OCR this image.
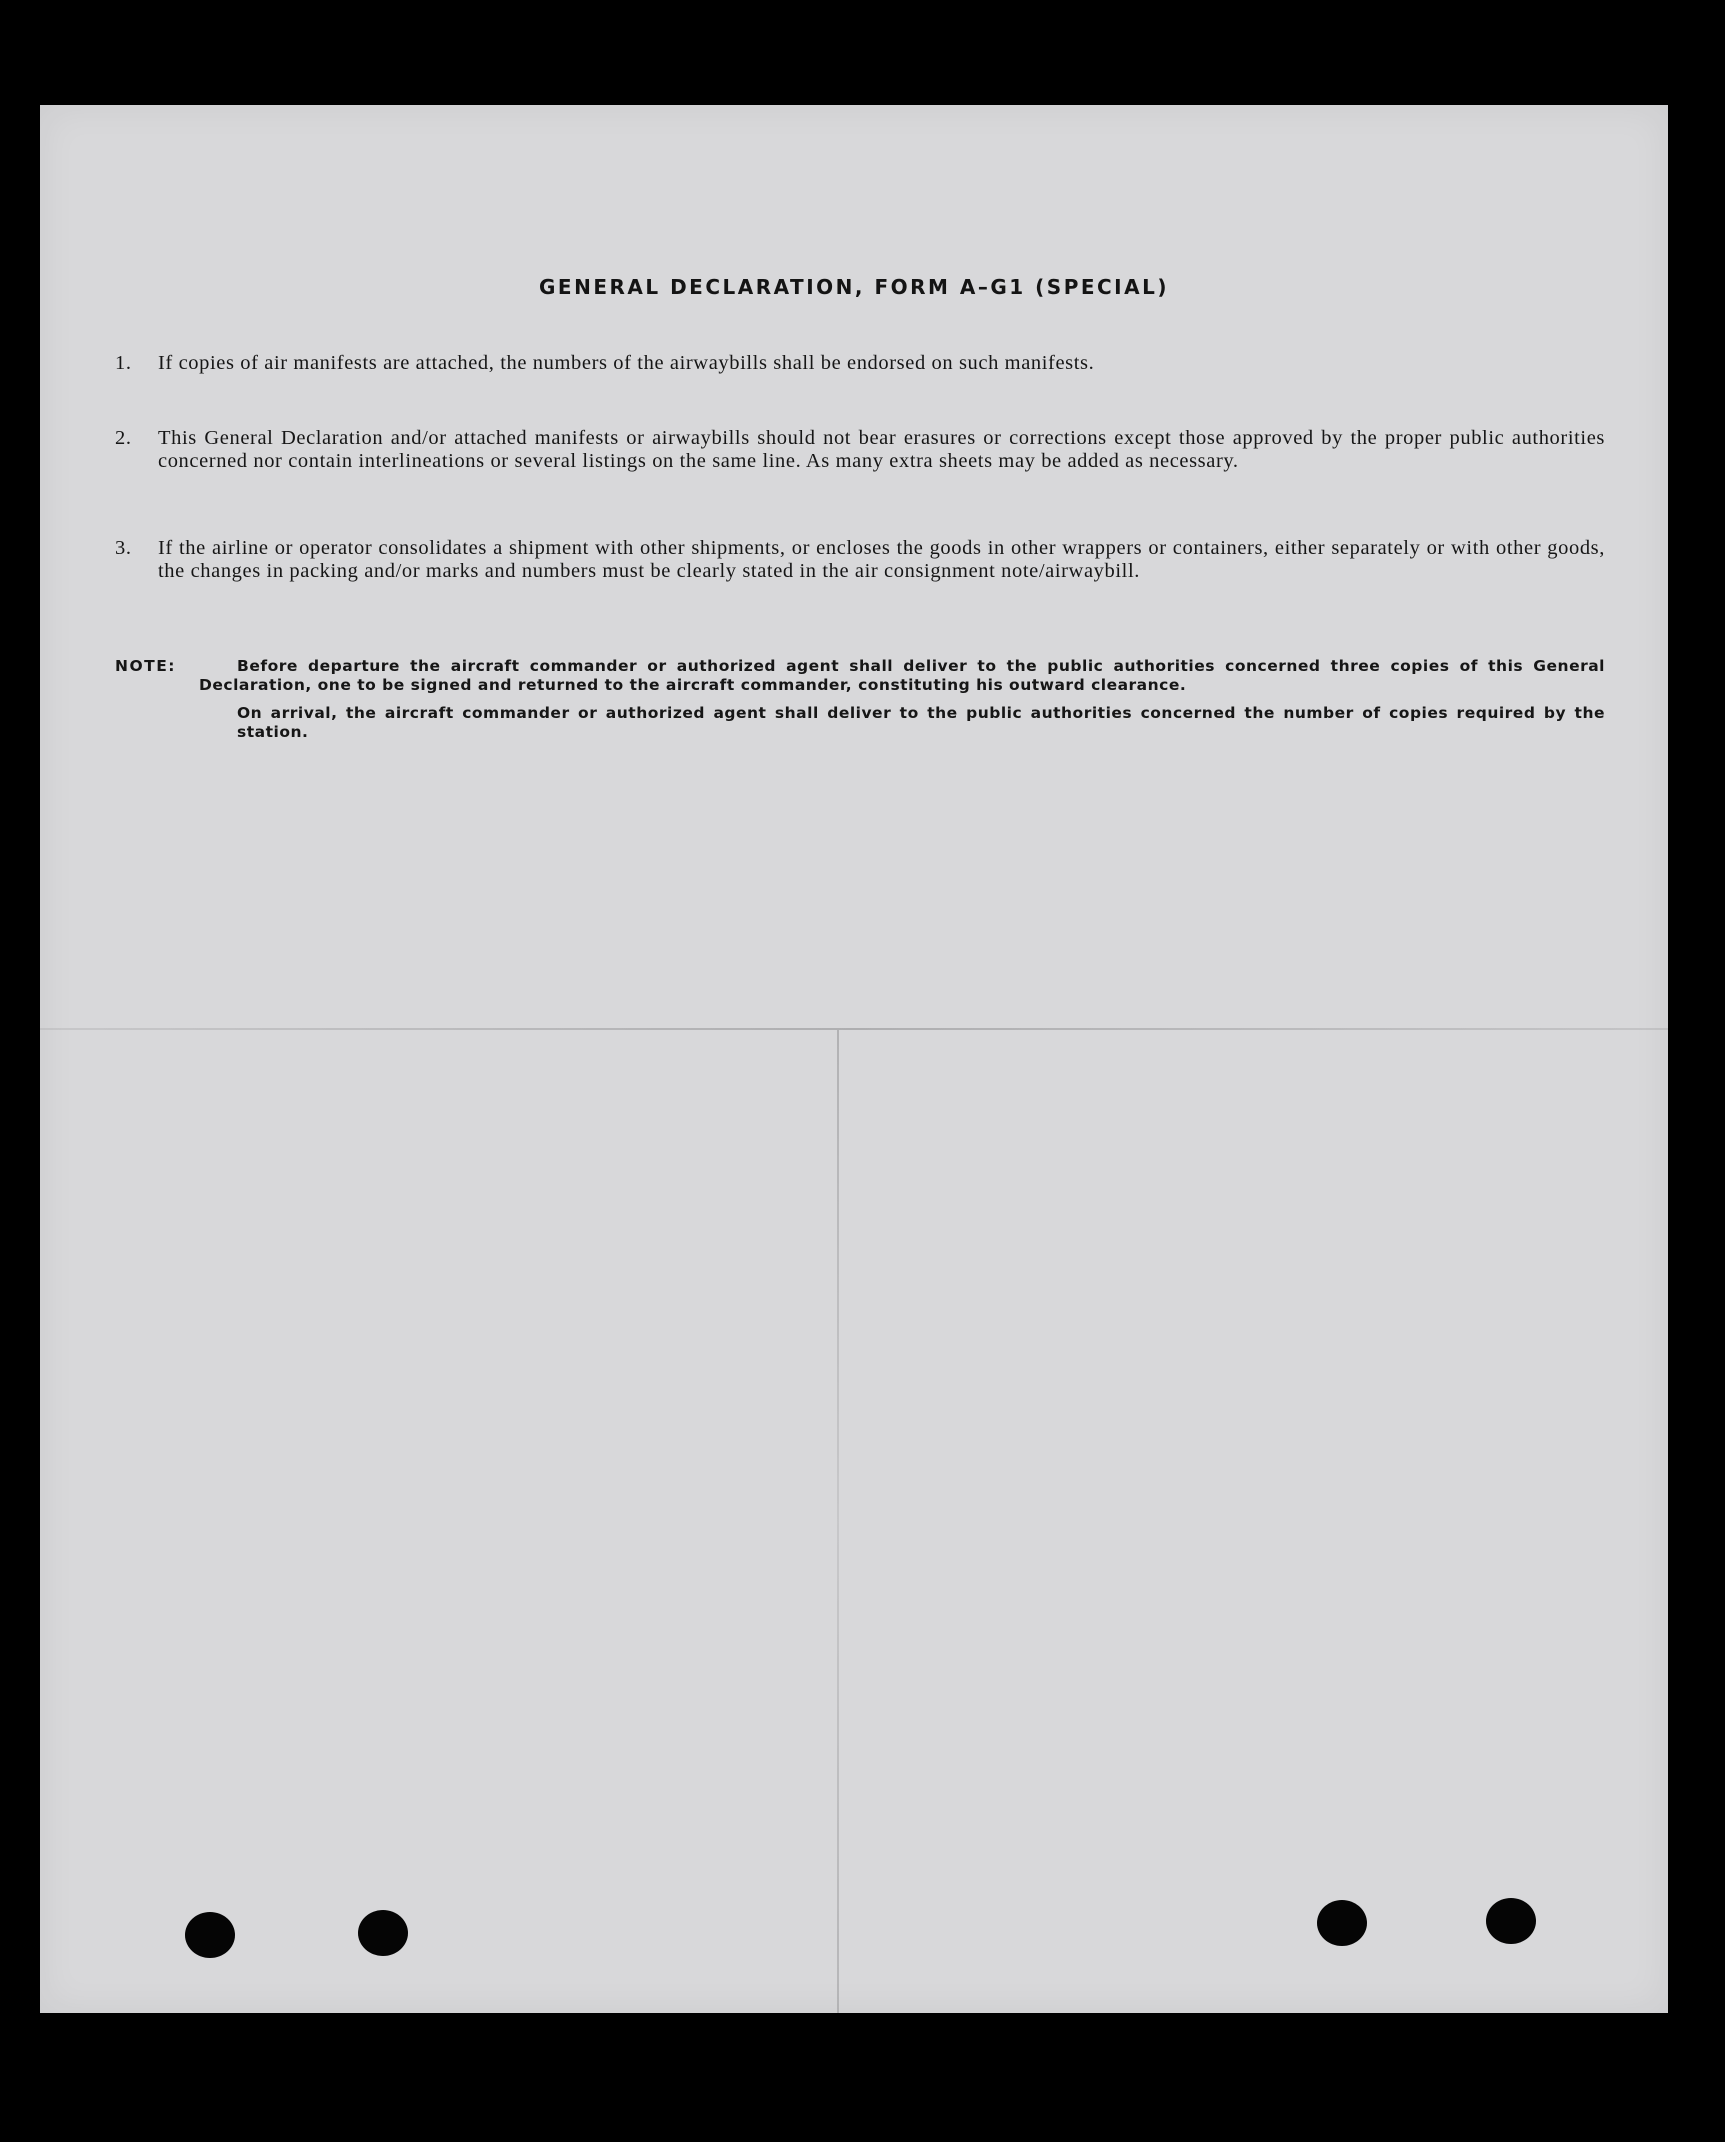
GENERAL DECLARATION, FORM A–G1 (SPECIAL)
1. If copies of air manifests are attached, the numbers of the airwaybills shall be endorsed on such manifests.
2. This General Declaration and/or attached manifests or airwaybills should not bear erasures or corrections except those approved by the proper public authorities concerned nor contain interlineations or several listings on the same line. As many extra sheets may be added as necessary.
3. If the airline or operator consolidates a shipment with other shipments, or encloses the goods in other wrappers or containers, either separately or with other goods, the changes in packing and/or marks and numbers must be clearly stated in the air consignment note/airwaybill.
NOTE:	Before departure the aircraft commander or authorized agent shall deliver to the public authorities concerned three copies of this General Declaration, one to be signed and returned to the aircraft commander, constituting his outward clearance.
On arrival, the aircraft commander or authorized agent shall deliver to the public authorities concerned the number of copies required by the station.
